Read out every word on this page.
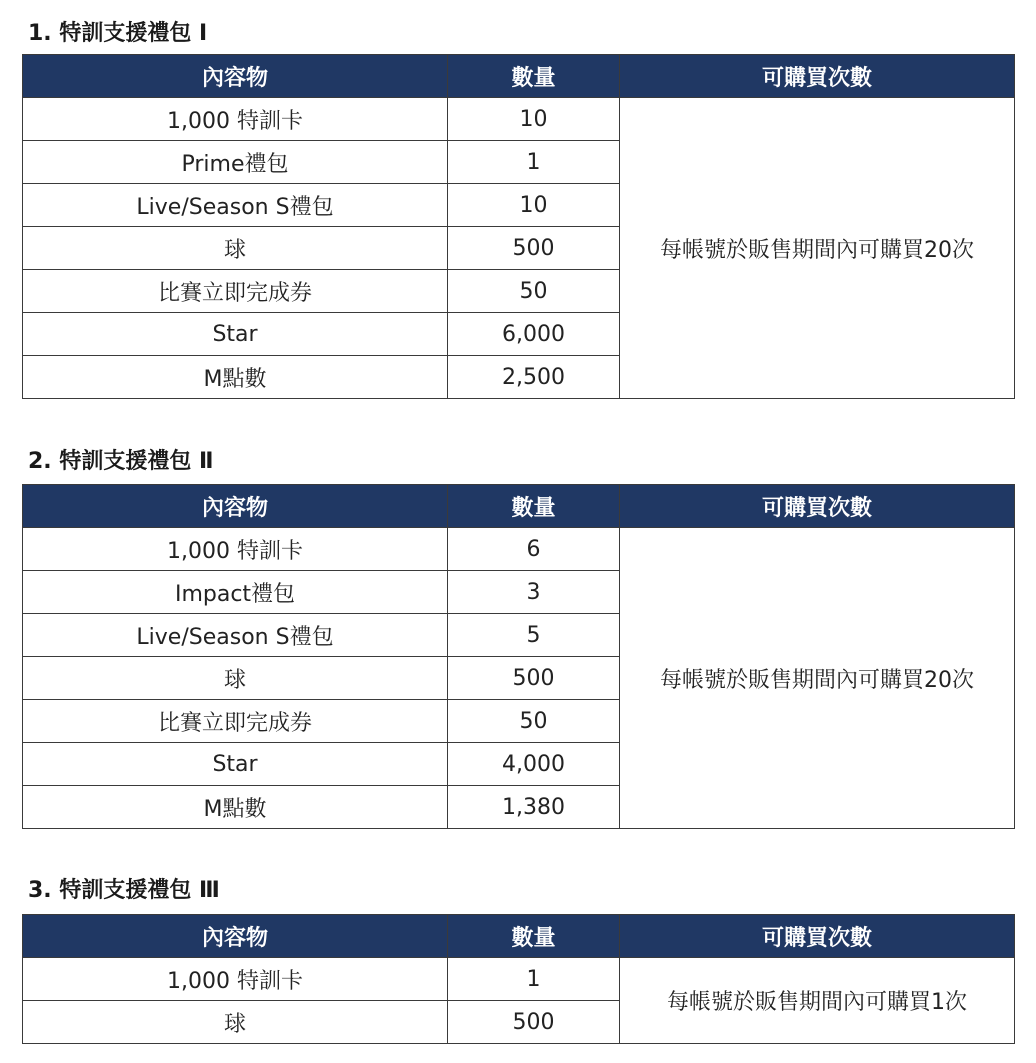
1. 特訓支援禮包 Ⅰ
內容物	數量	可購買次數
1,000 特訓卡	10	每帳號於販售期間內可購買20次
Prime禮包	1	
Live/Season S禮包	10	
球	500	
比賽立即完成券	50	
Star	6,000	
M點數	2,500	
2. 特訓支援禮包 Ⅱ
內容物	數量	可購買次數
1,000 特訓卡	6	每帳號於販售期間內可購買20次
Impact禮包	3	
Live/Season S禮包	5	
球	500	
比賽立即完成券	50	
Star	4,000	
M點數	1,380	
3. 特訓支援禮包 Ⅲ
內容物	數量	可購買次數
1,000 特訓卡	1	每帳號於販售期間內可購買1次
球	500	
